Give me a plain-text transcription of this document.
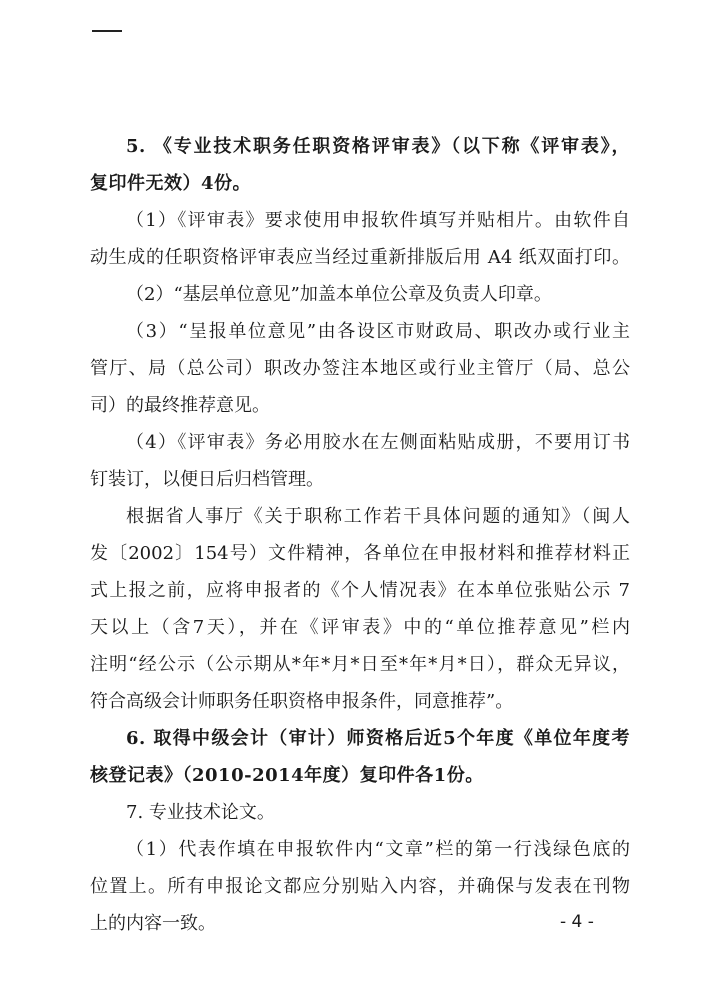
5. 《专业技术职务任职资格评审表》（以下称《评审表》，
复印件无效）4份。
（1）《评审表》要求使用申报软件填写并贴相片。由软件自
动生成的任职资格评审表应当经过重新排版后用 A4 纸双面打印。
（2）“基层单位意见”加盖本单位公章及负责人印章。
（3）“呈报单位意见”由各设区市财政局、职改办或行业主
管厅、局（总公司）职改办签注本地区或行业主管厅（局、总公
司）的最终推荐意见。
（4）《评审表》务必用胶水在左侧面粘贴成册，不要用订书
钉装订，以便日后归档管理。
根据省人事厅《关于职称工作若干具体问题的通知》（闽人
发〔2002〕154号）文件精神，各单位在申报材料和推荐材料正
式上报之前，应将申报者的《个人情况表》在本单位张贴公示 7
天以上（含7天），并在《评审表》中的“单位推荐意见”栏内
注明“经公示（公示期从*年*月*日至*年*月*日），群众无异议，
符合高级会计师职务任职资格申报条件，同意推荐”。
6. 取得中级会计（审计）师资格后近5个年度《单位年度考
核登记表》（2010-2014年度）复印件各1份。
7. 专业技术论文。
（1）代表作填在申报软件内“文章”栏的第一行浅绿色底的
位置上。所有申报论文都应分别贴入内容，并确保与发表在刊物
上的内容一致。	- 4 -
